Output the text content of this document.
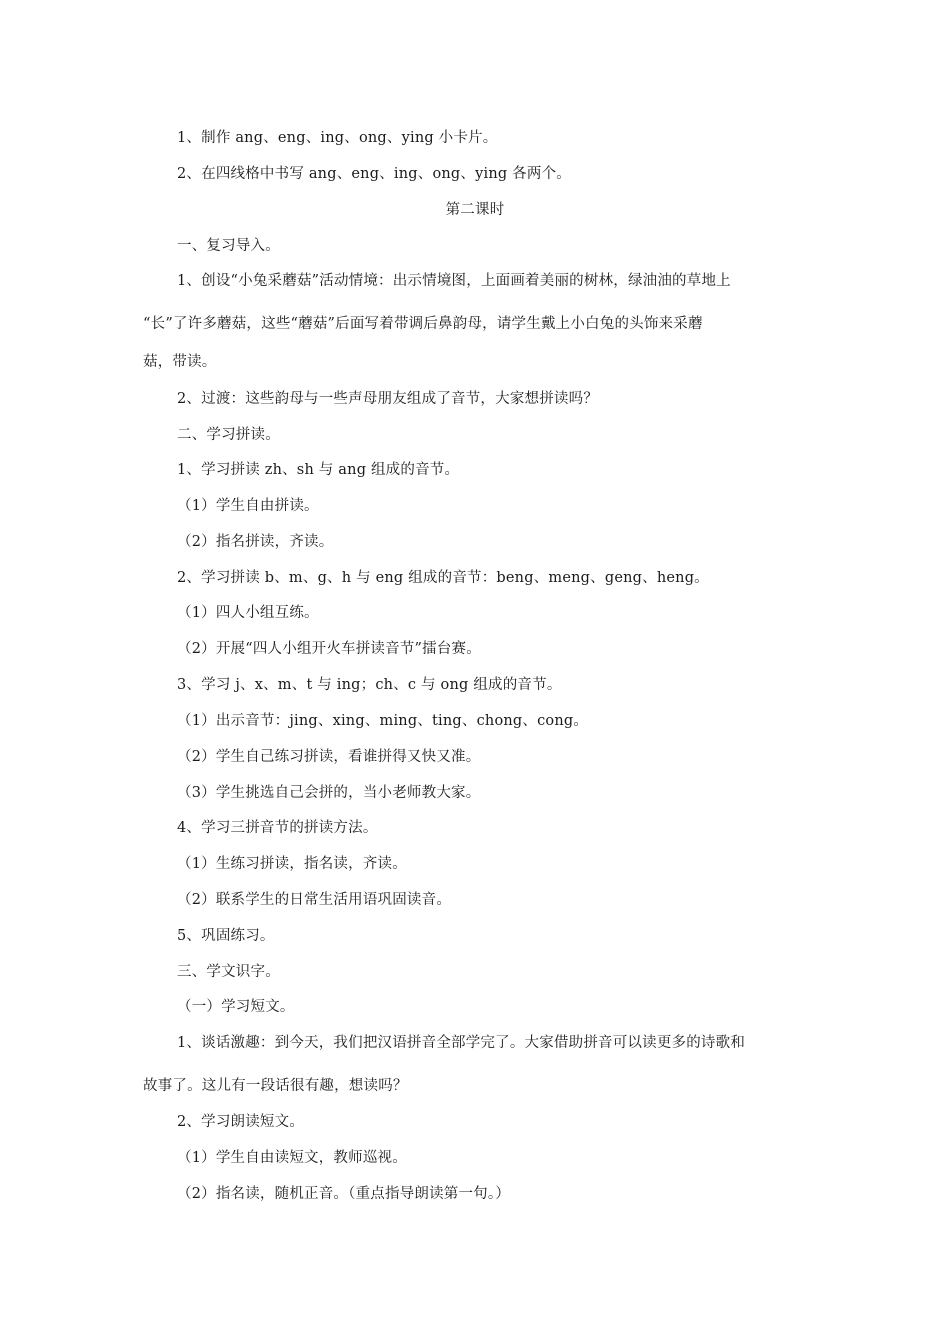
1、制作 ang、eng、ing、ong、ying 小卡片。
2、在四线格中书写 ang、eng、ing、ong、ying 各两个。
第二课时
一、复习导入。
1、创设“小兔采蘑菇”活动情境：出示情境图，上面画着美丽的树林，绿油油的草地上
“长”了许多蘑菇，这些“蘑菇”后面写着带调后鼻韵母，请学生戴上小白兔的头饰来采蘑
菇，带读。
2、过渡：这些韵母与一些声母朋友组成了音节，大家想拼读吗？
二、学习拼读。
1、学习拼读 zh、sh 与 ang 组成的音节。
（1）学生自由拼读。
（2）指名拼读，齐读。
2、学习拼读 b、m、g、h 与 eng 组成的音节：beng、meng、geng、heng。
（1）四人小组互练。
（2）开展“四人小组开火车拼读音节”擂台赛。
3、学习 j、x、m、t 与 ing；ch、c 与 ong 组成的音节。
（1）出示音节：jing、xing、ming、ting、chong、cong。
（2）学生自己练习拼读，看谁拼得又快又准。
（3）学生挑选自己会拼的，当小老师教大家。
4、学习三拼音节的拼读方法。
（1）生练习拼读，指名读，齐读。
（2）联系学生的日常生活用语巩固读音。
5、巩固练习。
三、学文识字。
（一）学习短文。
1、谈话激趣：到今天，我们把汉语拼音全部学完了。大家借助拼音可以读更多的诗歌和
故事了。这儿有一段话很有趣，想读吗？
2、学习朗读短文。
（1）学生自由读短文，教师巡视。
（2）指名读，随机正音。（重点指导朗读第一句。）
